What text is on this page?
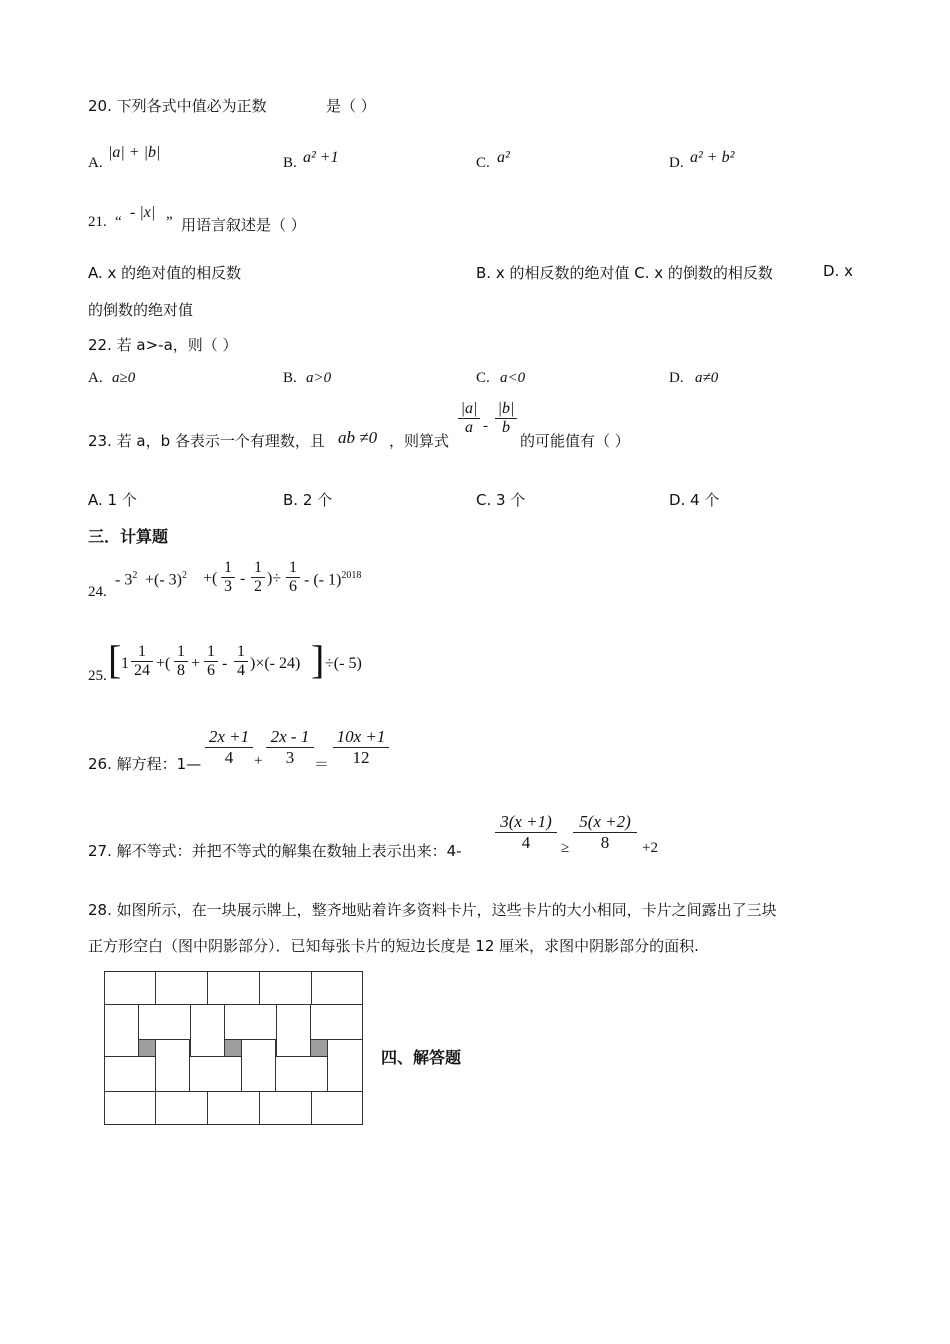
20. 下列各式中值必为正数	是（ ）
A.
|a| + |b|
B. a² +1	C. a²	D. a² + b²
21. “
- |x|
” 用语言叙述是（ ）
A. x 的绝对值的相反数	B. x 的相反数的绝对值 C. x 的倒数的相反数	D. x
的倒数的绝对值
22. 若 a>-a，则（ ）
A. a≥0	B. a>0	C. a<0	D. a≠0
23. 若 a，b 各表示一个有理数，且 ab ≠0 ，则算式
|a|
a -
|b|
b
的可能值有（ ）
A. 1 个	B. 2 个	C. 3 个	D. 4 个
三．计算题
24.
- $3^2$ +(- 3)$^2$ +(
1
3 -
1
2 )÷
1
6 - (- 1)$^{2018}$
25. [ 1
1
24 +(
1
8 +
1
6 -
1
4 )×(- 24) ] ÷(- 5)
26. 解方程：1—
2x +1
4	+
2x - 1
3	＝
10x +1
12
27. 解不等式：并把不等式的解集在数轴上表示出来：4-
3(x +1)
4	≥
5(x +2)
8	+2
28. 如图所示，在一块展示牌上，整齐地贴着许多资料卡片，这些卡片的大小相同，卡片之间露出了三块
正方形空白（图中阴影部分）．已知每张卡片的短边长度是 12 厘米，求图中阴影部分的面积.
四、解答题
